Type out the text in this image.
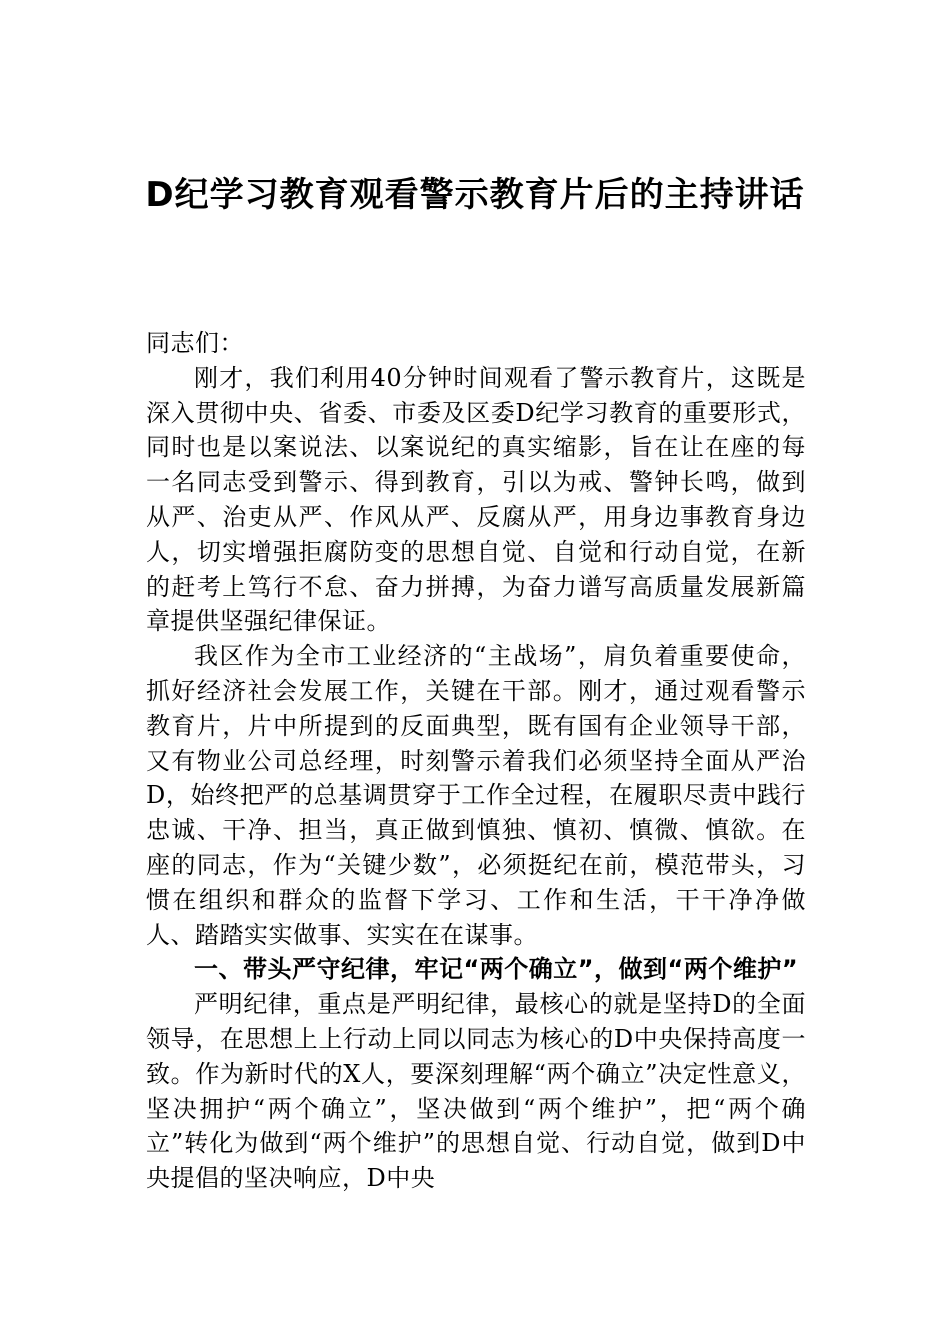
D纪学习教育观看警示教育片后的主持讲话

同志们：

刚才，我们利用40分钟时间观看了警示教育片，这既是深入贯彻中央、省委、市委及区委D纪学习教育的重要形式，同时也是以案说法、以案说纪的真实缩影，旨在让在座的每一名同志受到警示、得到教育，引以为戒、警钟长鸣，做到从严、治吏从严、作风从严、反腐从严，用身边事教育身边人，切实增强拒腐防变的思想自觉、自觉和行动自觉，在新的赶考上笃行不怠、奋力拼搏，为奋力谱写高质量发展新篇章提供坚强纪律保证。

我区作为全市工业经济的“主战场”，肩负着重要使命，抓好经济社会发展工作，关键在干部。刚才，通过观看警示教育片，片中所提到的反面典型，既有国有企业领导干部，又有物业公司总经理，时刻警示着我们必须坚持全面从严治D，始终把严的总基调贯穿于工作全过程，在履职尽责中践行忠诚、干净、担当，真正做到慎独、慎初、慎微、慎欲。在座的同志，作为“关键少数”，必须挺纪在前，模范带头，习惯在组织和群众的监督下学习、工作和生活，干干净净做人、踏踏实实做事、实实在在谋事。

一、带头严守纪律，牢记“两个确立”，做到“两个维护”

严明纪律，重点是严明纪律，最核心的就是坚持D的全面领导，在思想上上行动上同以同志为核心的D中央保持高度一致。作为新时代的X人，要深刻理解“两个确立”决定性意义，坚决拥护“两个确立”，坚决做到“两个维护”，把“两个确立”转化为做到“两个维护”的思想自觉、行动自觉，做到D中央提倡的坚决响应，D中央
